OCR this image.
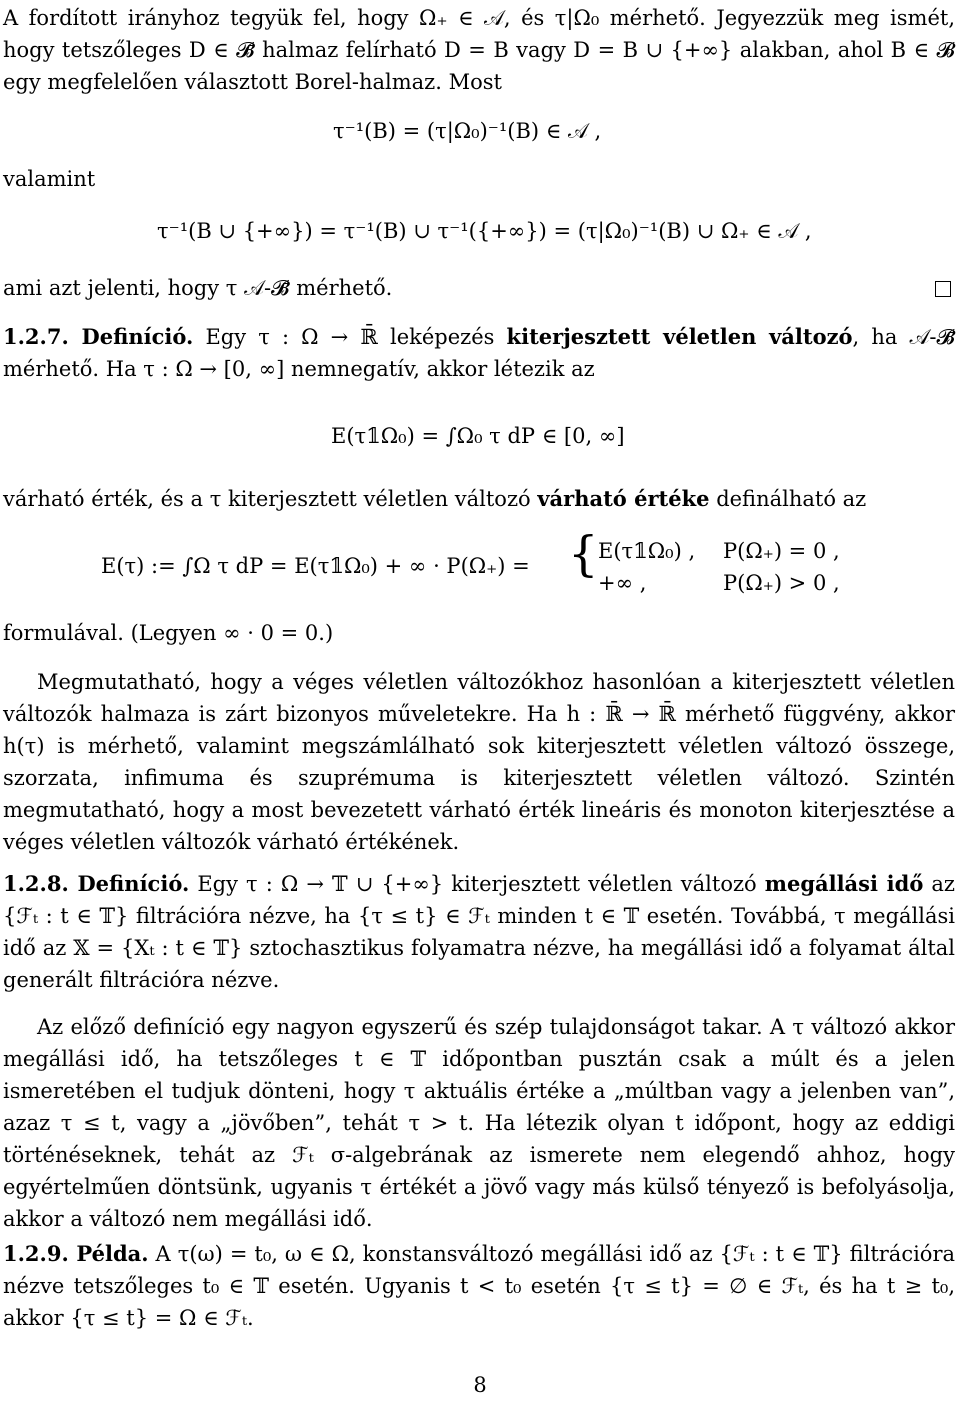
A fordított irányhoz tegyük fel, hogy Ω₊ ∈ 𝒜, és τ|Ω₀ mérhető. Jegyezzük meg ismét, hogy tetszőleges D ∈ 𝓑̄ halmaz felírható D = B vagy D = B ∪ {+∞} alakban, ahol B ∈ 𝓑 egy megfelelően választott Borel-halmaz. Most
τ⁻¹(B) = (τ|Ω₀)⁻¹(B) ∈ 𝒜 ,
valamint
τ⁻¹(B ∪ {+∞}) = τ⁻¹(B) ∪ τ⁻¹({+∞}) = (τ|Ω₀)⁻¹(B) ∪ Ω₊ ∈ 𝒜 ,
ami azt jelenti, hogy τ 𝒜-𝓑̄ mérhető.
1.2.7. Definíció. Egy τ : Ω → ℝ̄ leképezés kiterjesztett véletlen változó, ha 𝒜-𝓑̄ mérhető. Ha τ : Ω → [0, ∞] nemnegatív, akkor létezik az
E(τ𝟙Ω₀) = ∫Ω₀ τ dP ∈ [0, ∞]
várható érték, és a τ kiterjesztett véletlen változó várható értéke definálható az
E(τ) := ∫Ω τ dP = E(τ𝟙Ω₀) + ∞ · P(Ω₊) = { E(τ𝟙Ω₀) , P(Ω₊) = 0 ,
+∞ ,	P(Ω₊) > 0 ,
formulával. (Legyen ∞ · 0 = 0.)
Megmutatható, hogy a véges véletlen változókhoz hasonlóan a kiterjesztett véletlen változók halmaza is zárt bizonyos műveletekre. Ha h : ℝ̄ → ℝ̄ mérhető függvény, akkor h(τ) is mérhető, valamint megszámlálható sok kiterjesztett véletlen változó összege, szorzata, infimuma és szuprémuma is kiterjesztett véletlen változó. Szintén megmutatható, hogy a most bevezetett várható érték lineáris és monoton kiterjesztése a véges véletlen változók várható értékének.
1.2.8. Definíció. Egy τ : Ω → 𝕋 ∪ {+∞} kiterjesztett véletlen változó megállási idő az {ℱₜ : t ∈ 𝕋} filtrációra nézve, ha {τ ≤ t} ∈ ℱₜ minden t ∈ 𝕋 esetén. Továbbá, τ megállási idő az 𝕏 = {Xₜ : t ∈ 𝕋} sztochasztikus folyamatra nézve, ha megállási idő a folyamat által generált filtrációra nézve.
Az előző definíció egy nagyon egyszerű és szép tulajdonságot takar. A τ változó akkor megállási idő, ha tetszőleges t ∈ 𝕋 időpontban pusztán csak a múlt és a jelen ismeretében el tudjuk dönteni, hogy τ aktuális értéke a „múltban vagy a jelenben van”, azaz τ ≤ t, vagy a „jövőben”, tehát τ > t. Ha létezik olyan t időpont, hogy az eddigi történéseknek, tehát az ℱₜ σ-algebrának az ismerete nem elegendő ahhoz, hogy egyértelműen döntsünk, ugyanis τ értékét a jövő vagy más külső tényező is befolyásolja, akkor a változó nem megállási idő.
1.2.9. Példa. A τ(ω) = t₀, ω ∈ Ω, konstansváltozó megállási idő az {ℱₜ : t ∈ 𝕋} filtrációra nézve tetszőleges t₀ ∈ 𝕋 esetén. Ugyanis t < t₀ esetén {τ ≤ t} = ∅ ∈ ℱₜ, és ha t ≥ t₀, akkor {τ ≤ t} = Ω ∈ ℱₜ.
8
